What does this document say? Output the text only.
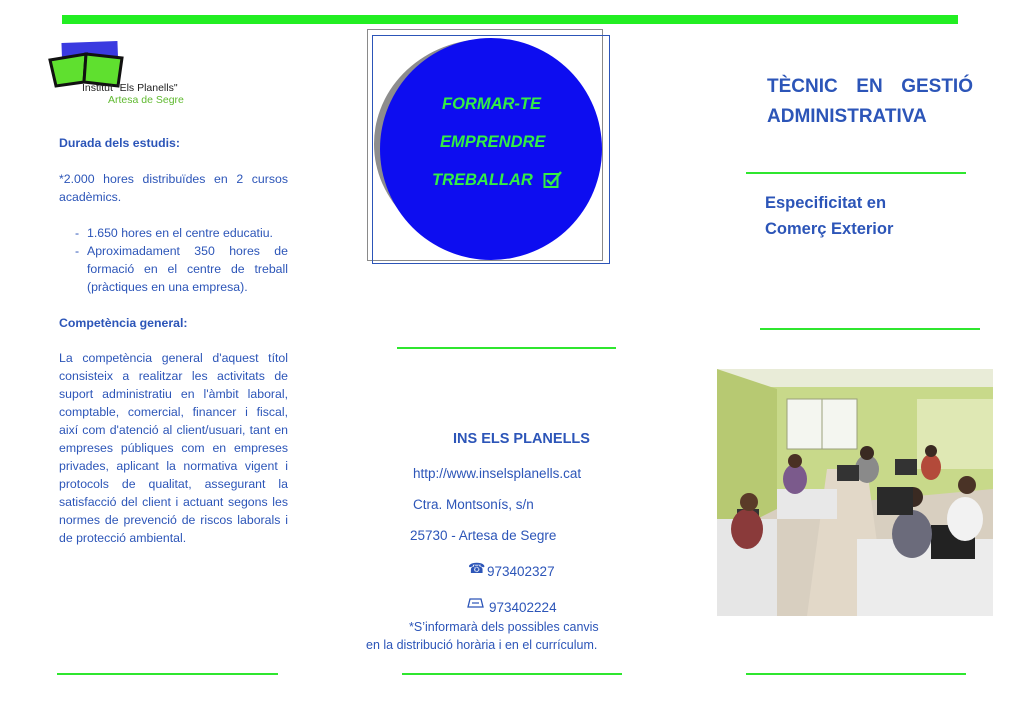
Institut "Els Planells"
Artesa de Segre

Durada dels estudis:

*2.000 hores distribuïdes en 2 cursos acadèmics.
- 1.650 hores en el centre educatiu.
- Aproximadament 350 hores de formació en el centre de treball (pràctiques en una empresa).
Competència general:
La competència general d'aquest títol consisteix a realitzar les activitats de suport administratiu en l'àmbit laboral, comptable, comercial, financer i fiscal, així com d'atenció al client/usuari, tant en empreses públiques com en empreses privades, aplicant la normativa vigent i protocols de qualitat, assegurant la satisfacció del client i actuant segons les normes de prevenció de riscos laborals i de protecció ambiental.
FORMAR-TE
EMPRENDRE
TREBALLAR
INS ELS PLANELLS
http://www.inselsplanells.cat
Ctra. Montsonís, s/n
25730 - Artesa de Segre
☎ 973402327
973402224
*S’informarà dels possibles canvis
en la distribució horària i en el currículum.
TÈCNIC EN GESTIÓ
ADMINISTRATIVA
Especificitat en
Comerç Exterior
